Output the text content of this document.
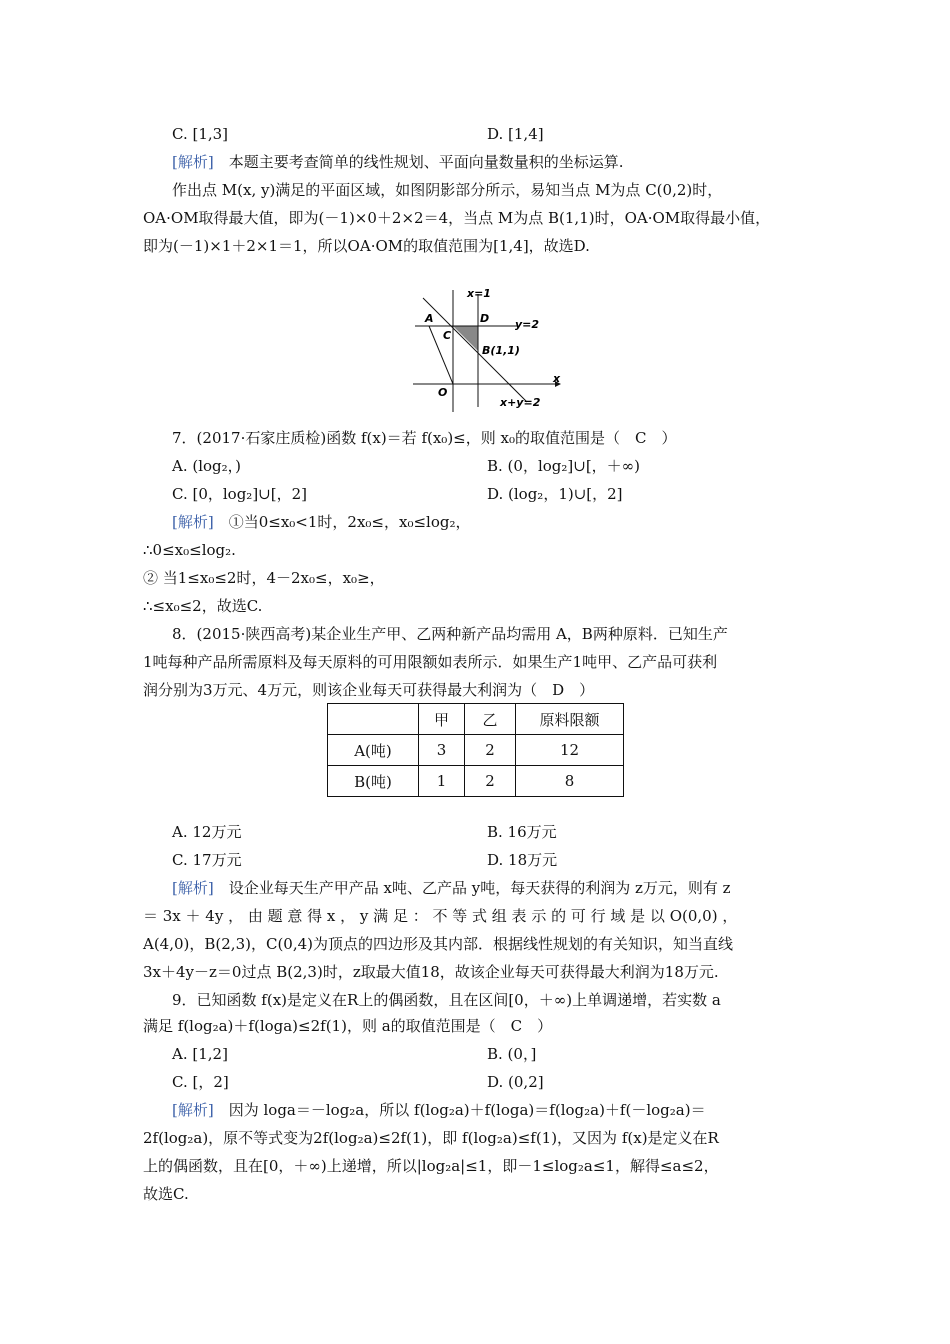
C. [1,3]	D. [1,4]
[解析]　本题主要考查简单的线性规划、平面向量数量积的坐标运算.
作出点 M(x, y)满足的平面区域，如图阴影部分所示，易知当点 M为点 C(0,2)时，
OA·OM取得最大值，即为(－1)×0＋2×2＝4，当点 M为点 B(1,1)时，OA·OM取得最小值，
即为(－1)×1＋2×1＝1，所以OA·OM的取值范围为[1,4]，故选D.
x=1
y=2
A
C
D
B(1,1)
O
x
x+y=2
7．(2017·石家庄质检)函数 f(x)＝若 f(x₀)≤，则 x₀的取值范围是（　C　）
A. (log₂，)	B. (0，log₂]∪[，＋∞)
C. [0，log₂]∪[，2]	D. (log₂，1)∪[，2]
[解析]　①当0≤x₀<1时，2x₀≤，x₀≤log₂，
∴0≤x₀≤log₂.
② 当1≤x₀≤2时，4－2x₀≤，x₀≥，
∴≤x₀≤2，故选C.
8．(2015·陕西高考)某企业生产甲、乙两种新产品均需用 A，B两种原料．已知生产
1吨每种产品所需原料及每天原料的可用限额如表所示．如果生产1吨甲、乙产品可获利
润分别为3万元、4万元，则该企业每天可获得最大利润为（　D　）
	甲	乙	原料限额
A(吨)	3	2	12
B(吨)	1	2	8
A. 12万元	B. 16万元
C. 17万元	D. 18万元
[解析]　设企业每天生产甲产品 x吨、乙产品 y吨，每天获得的利润为 z万元，则有 z
＝ 3x ＋ 4y ， 由 题 意 得 x ， y 满 足 ： 不 等 式 组 表 示 的 可 行 域 是 以 O(0,0) ，
A(4,0)，B(2,3)，C(0,4)为顶点的四边形及其内部．根据线性规划的有关知识，知当直线
3x＋4y－z＝0过点 B(2,3)时，z取最大值18，故该企业每天可获得最大利润为18万元.
9．已知函数 f(x)是定义在R上的偶函数，且在区间[0，＋∞)上单调递增，若实数 a
满足 f(log₂a)＋f(loga)≤2f(1)，则 a的取值范围是（　C　）
A. [1,2]	B. (0，]
C. [，2]	D. (0,2]
[解析]　因为 loga＝－log₂a，所以 f(log₂a)＋f(loga)＝f(log₂a)＋f(－log₂a)＝
2f(log₂a)，原不等式变为2f(log₂a)≤2f(1)，即 f(log₂a)≤f(1)，又因为 f(x)是定义在R
上的偶函数，且在[0，＋∞)上递增，所以|log₂a|≤1，即－1≤log₂a≤1，解得≤a≤2，
故选C.
